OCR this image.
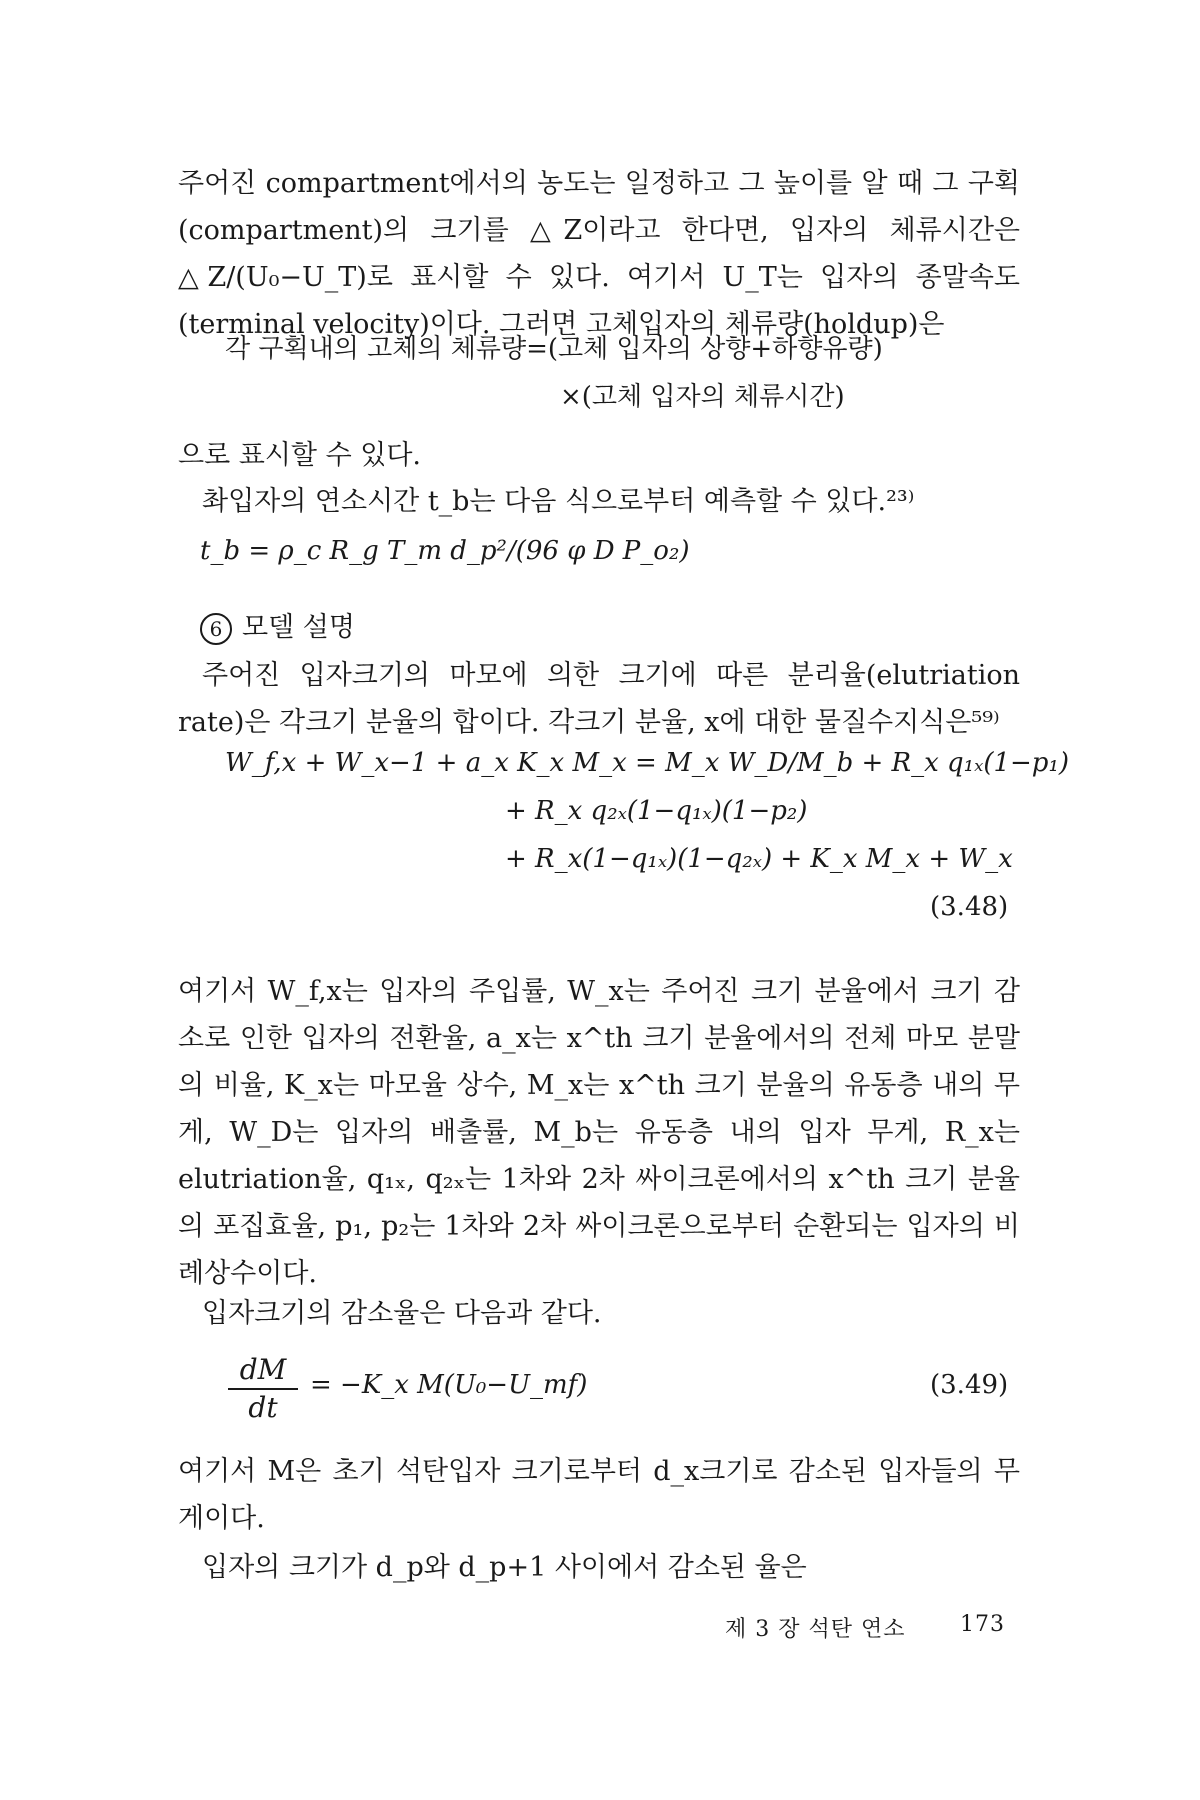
주어진 compartment에서의 농도는 일정하고 그 높이를 알 때 그 구획(compartment)의 크기를 △Z이라고 한다면, 입자의 체류시간은 △Z/(U₀−U_T)로 표시할 수 있다. 여기서 U_T는 입자의 종말속도(terminal velocity)이다. 그러면 고체입자의 체류량(holdup)은

각 구획내의 고체의 체류량=(고체 입자의 상향+하향유량)

×(고체 입자의 체류시간)

으로 표시할 수 있다.

촤입자의 연소시간 t_b는 다음 식으로부터 예측할 수 있다.²³⁾

t_b = ρ_c R_g T_m d_p²/(96 φ D P_o₂)

6 모델 설명

주어진 입자크기의 마모에 의한 크기에 따른 분리율(elutriation rate)은 각크기 분율의 합이다. 각크기 분율, x에 대한 물질수지식은⁵⁹⁾

W_f,x + W_x−1 + a_x K_x M_x = M_x W_D/M_b + R_x q₁ₓ(1−p₁)

+ R_x q₂ₓ(1−q₁ₓ)(1−p₂)

+ R_x(1−q₁ₓ)(1−q₂ₓ) + K_x M_x + W_x

(3.48)

여기서 W_f,x는 입자의 주입률, W_x는 주어진 크기 분율에서 크기 감소로 인한 입자의 전환율, a_x는 x^th 크기 분율에서의 전체 마모 분말의 비율, K_x는 마모율 상수, M_x는 x^th 크기 분율의 유동층 내의 무게, W_D는 입자의 배출률, M_b는 유동층 내의 입자 무게, R_x는 elutriation율, q₁ₓ, q₂ₓ는 1차와 2차 싸이크론에서의 x^th 크기 분율의 포집효율, p₁, p₂는 1차와 2차 싸이크론으로부터 순환되는 입자의 비례상수이다.

입자크기의 감소율은 다음과 같다.

$\frac{dM}{dt}$ = −K_x M(U₀−U_mf)	(3.49)

여기서 M은 초기 석탄입자 크기로부터 d_x크기로 감소된 입자들의 무게이다.

입자의 크기가 d_p와 d_p+1 사이에서 감소된 율은

제 3 장 석탄 연소 173
